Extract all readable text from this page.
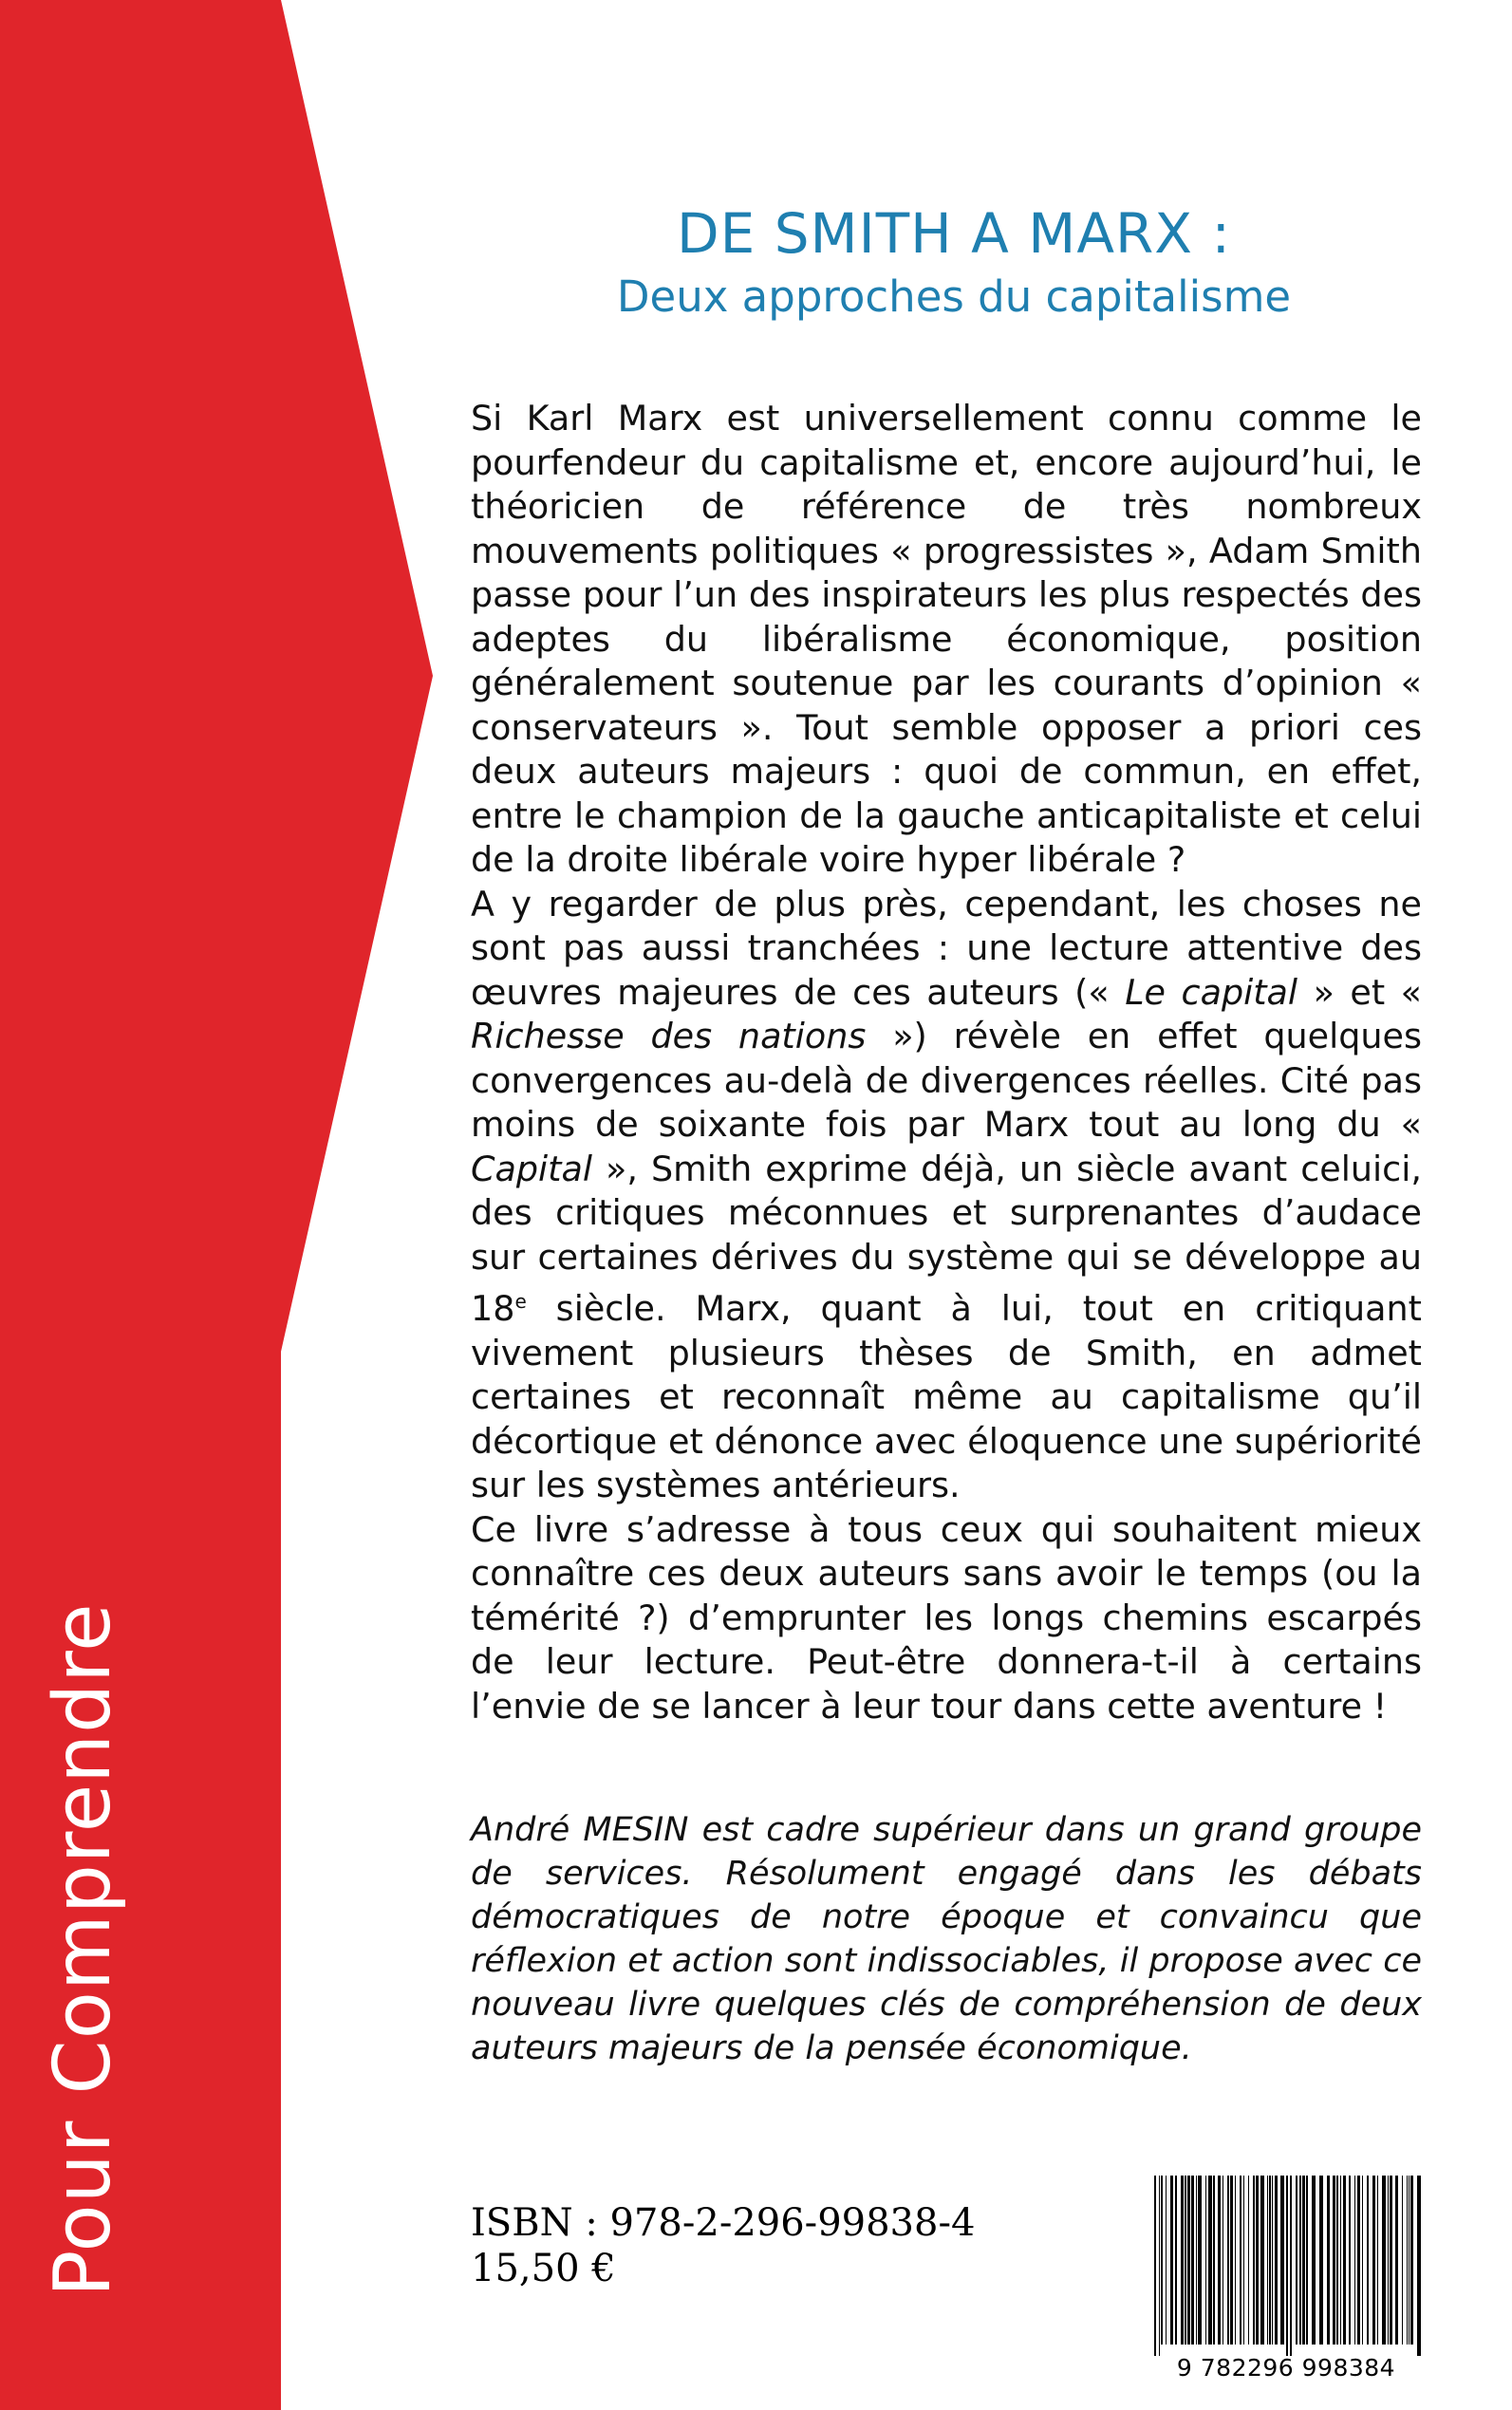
Pour Comprendre
DE SMITH A MARX :
Deux approches du capitalisme

Si Karl Marx est universellement connu comme le pourfendeur du capitalisme et, encore aujourd’hui, le théoricien de référence de très nombreux mouvements politiques « progressistes », Adam Smith passe pour l’un des inspirateurs les plus respectés des adeptes du libéralisme économique, position généralement soutenue par les courants d’opinion « conservateurs ». Tout semble opposer a priori ces deux auteurs majeurs : quoi de commun, en effet, entre le champion de la gauche anticapitaliste et celui de la droite libérale voire hyper libérale ?

A y regarder de plus près, cependant, les choses ne sont pas aussi tranchées : une lecture attentive des œuvres majeures de ces auteurs (« Le capital » et « Richesse des nations ») révèle en effet quelques convergences au-delà de divergences réelles. Cité pas moins de soixante fois par Marx tout au long du « Capital », Smith exprime déjà, un siècle avant celuici, des critiques méconnues et surprenantes d’audace sur certaines dérives du système qui se développe au 18e siècle. Marx, quant à lui, tout en critiquant vivement plusieurs thèses de Smith, en admet certaines et reconnaît même au capitalisme qu’il décortique et dénonce avec éloquence une supériorité sur les systèmes antérieurs.

Ce livre s’adresse à tous ceux qui souhaitent mieux connaître ces deux auteurs sans avoir le temps (ou la témérité ?) d’emprunter les longs chemins escarpés de leur lecture. Peut-être donnera-t-il à certains l’envie de se lancer à leur tour dans cette aventure !

André MESIN est cadre supérieur dans un grand groupe de services. Résolument engagé dans les débats démocratiques de notre époque et convaincu que réflexion et action sont indissociables, il propose avec ce nouveau livre quelques clés de compréhension de deux auteurs majeurs de la pensée économique.
ISBN : 978-2-296-99838-4
15,50 €
9 782296 998384
